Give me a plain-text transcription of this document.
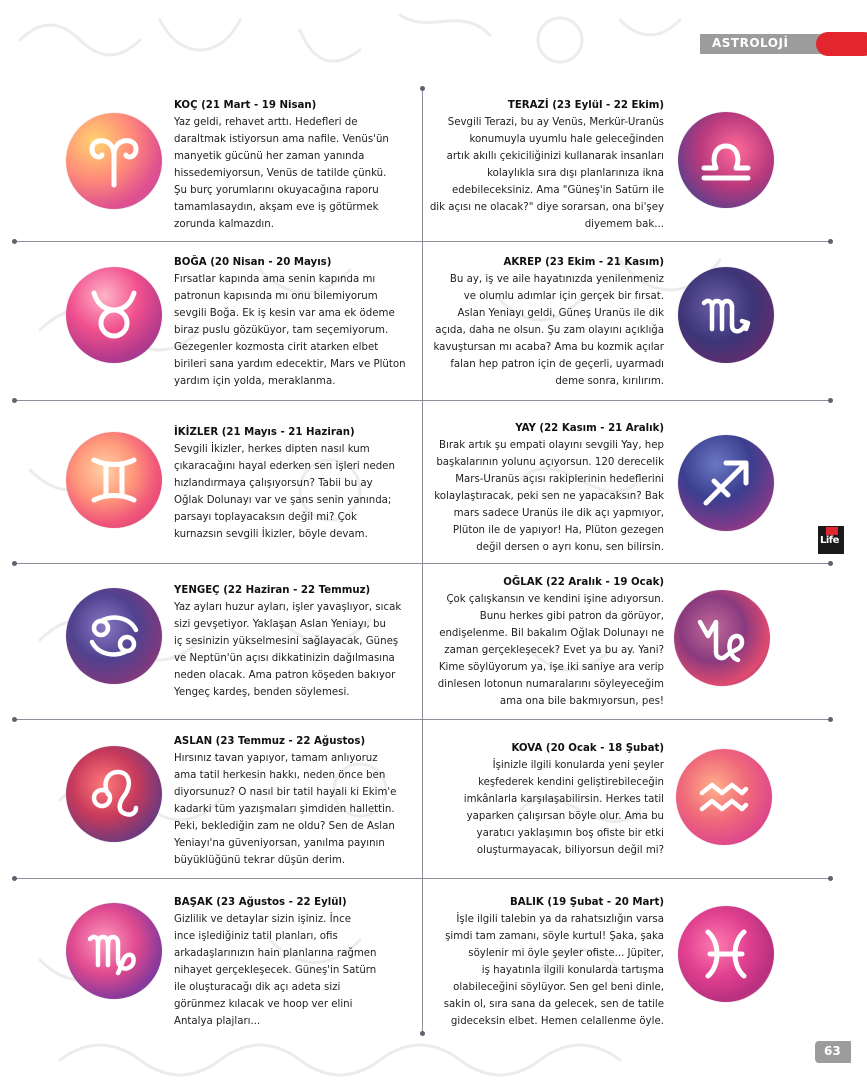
ASTROLOJİ
KOÇ (21 Mart - 19 Nisan)
Yaz geldi, rehavet arttı. Hedefleri de
daraltmak istiyorsun ama nafile. Venüs'ün
manyetik gücünü her zaman yanında
hissedemiyorsun, Venüs de tatilde çünkü.
Şu burç yorumlarını okuyacağına raporu
tamamlasaydın, akşam eve iş götürmek
zorunda kalmazdın.
TERAZİ (23 Eylül - 22 Ekim)
Sevgili Terazi, bu ay Venüs, Merkür-Uranüs
konumuyla uyumlu hale geleceğinden
artık akıllı çekiciliğinizi kullanarak insanları
kolaylıkla sıra dışı planlarınıza ikna
edebileceksiniz. Ama "Güneş'in Satürn ile
dik açısı ne olacak?" diye sorarsan, ona bi'şey
diyemem bak...
BOĞA (20 Nisan - 20 Mayıs)
Fırsatlar kapında ama senin kapında mı
patronun kapısında mı onu bilemiyorum
sevgili Boğa. Ek iş kesin var ama ek ödeme
biraz puslu gözüküyor, tam seçemiyorum.
Gezegenler kozmosta cirit atarken elbet
birileri sana yardım edecektir, Mars ve Plüton
yardım için yolda, meraklanma.
AKREP (23 Ekim - 21 Kasım)
Bu ay, iş ve aile hayatınızda yenilenmeniz
ve olumlu adımlar için gerçek bir fırsat.
Aslan Yeniayı geldi, Güneş Uranüs ile dik
açıda, daha ne olsun. Şu zam olayını açıklığa
kavuştursan mı acaba? Ama bu kozmik açılar
falan hep patron için de geçerli, uyarmadı
deme sonra, kırılırım.
İKİZLER (21 Mayıs - 21 Haziran)
Sevgili İkizler, herkes dipten nasıl kum
çıkaracağını hayal ederken sen işleri neden
hızlandırmaya çalışıyorsun? Tabii bu ay
Oğlak Dolunayı var ve şans senin yanında;
parsayı toplayacaksın değil mi? Çok
kurnazsın sevgili İkizler, böyle devam.
YAY (22 Kasım - 21 Aralık)
Bırak artık şu empati olayını sevgili Yay, hep
başkalarının yolunu açıyorsun. 120 derecelik
Mars-Uranüs açısı rakiplerinin hedeflerini
kolaylaştıracak, peki sen ne yapacaksın? Bak
mars sadece Uranüs ile dik açı yapmıyor,
Plüton ile de yapıyor! Ha, Plüton gezegen
değil dersen o ayrı konu, sen bilirsin.
YENGEÇ (22 Haziran - 22 Temmuz)
Yaz ayları huzur ayları, işler yavaşlıyor, sıcak
sizi gevşetiyor. Yaklaşan Aslan Yeniayı, bu
iç sesinizin yükselmesini sağlayacak, Güneş
ve Neptün'ün açısı dikkatinizin dağılmasına
neden olacak. Ama patron köşeden bakıyor
Yengeç kardeş, benden söylemesi.
OĞLAK (22 Aralık - 19 Ocak)
Çok çalışkansın ve kendini işine adıyorsun.
Bunu herkes gibi patron da görüyor,
endişelenme. Bil bakalım Oğlak Dolunayı ne
zaman gerçekleşecek? Evet ya bu ay. Yani?
Kime söylüyorum ya, işe iki saniye ara verip
dinlesen lotonun numaralarını söyleyeceğim
ama ona bile bakmıyorsun, pes!
ASLAN (23 Temmuz - 22 Ağustos)
Hırsınız tavan yapıyor, tamam anlıyoruz
ama tatil herkesin hakkı, neden önce ben
diyorsunuz? O nasıl bir tatil hayali ki Ekim'e
kadarki tüm yazışmaları şimdiden hallettin.
Peki, beklediğin zam ne oldu? Sen de Aslan
Yeniayı'na güveniyorsan, yanılma payının
büyüklüğünü tekrar düşün derim.
KOVA (20 Ocak - 18 Şubat)
İşinizle ilgili konularda yeni şeyler
keşfederek kendini geliştirebileceğin
imkânlarla karşılaşabilirsin. Herkes tatil
yaparken çalışırsan böyle olur. Ama bu
yaratıcı yaklaşımın boş ofiste bir etki
oluşturmayacak, biliyorsun değil mi?
BAŞAK (23 Ağustos - 22 Eylül)
Gizlilik ve detaylar sizin işiniz. İnce
ince işlediğiniz tatil planları, ofis
arkadaşlarınızın hain planlarına rağmen
nihayet gerçekleşecek. Güneş'in Satürn
ile oluşturacağı dik açı adeta sizi
görünmez kılacak ve hoop ver elini
Antalya plajları...
BALIK (19 Şubat - 20 Mart)
İşle ilgili talebin ya da rahatsızlığın varsa
şimdi tam zamanı, söyle kurtul! Şaka, şaka
söylenir mi öyle şeyler ofiste... Jüpiter,
iş hayatınla ilgili konularda tartışma
olabileceğini söylüyor. Sen gel beni dinle,
sakin ol, sıra sana da gelecek, sen de tatile
gideceksin elbet. Hemen celallenme öyle.
Life
63
